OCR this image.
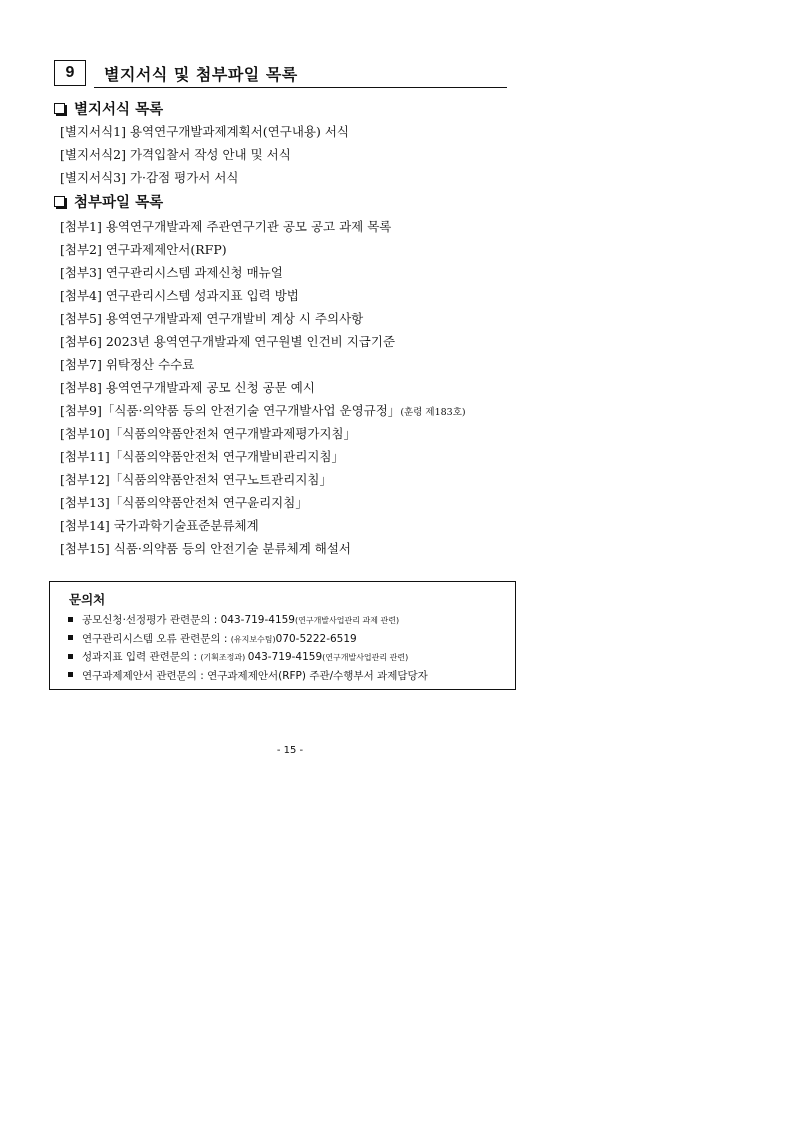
9	별지서식 및 첨부파일 목록
별지서식 목록
[별지서식1] 용역연구개발과제계획서(연구내용) 서식
[별지서식2] 가격입찰서 작성 안내 및 서식
[별지서식3] 가·감점 평가서 서식
첨부파일 목록
[첨부1] 용역연구개발과제 주관연구기관 공모 공고 과제 목록
[첨부2] 연구과제제안서(RFP)
[첨부3] 연구관리시스템 과제신청 매뉴얼
[첨부4] 연구관리시스템 성과지표 입력 방법
[첨부5] 용역연구개발과제 연구개발비 계상 시 주의사항
[첨부6] 2023년 용역연구개발과제 연구원별 인건비 지급기준
[첨부7] 위탁정산 수수료
[첨부8] 용역연구개발과제 공모 신청 공문 예시
[첨부9]「식품·의약품 등의 안전기술 연구개발사업 운영규정」(훈령 제183호)
[첨부10]「식품의약품안전처 연구개발과제평가지침」
[첨부11]「식품의약품안전처 연구개발비관리지침」
[첨부12]「식품의약품안전처 연구노트관리지침」
[첨부13]「식품의약품안전처 연구윤리지침」
[첨부14] 국가과학기술표준분류체계
[첨부15] 식품·의약품 등의 안전기술 분류체계 해설서
문의처
공모신청·선정평가 관련문의 : 043-719-4159(연구개발사업관리 과제 관련)
연구관리시스템 오류 관련문의 : (유지보수팀)070-5222-6519
성과지표 입력 관련문의 : (기획조정과) 043-719-4159(연구개발사업관리 관련)
연구과제제안서 관련문의 : 연구과제제안서(RFP) 주관/수행부서 과제담당자
- 15 -
